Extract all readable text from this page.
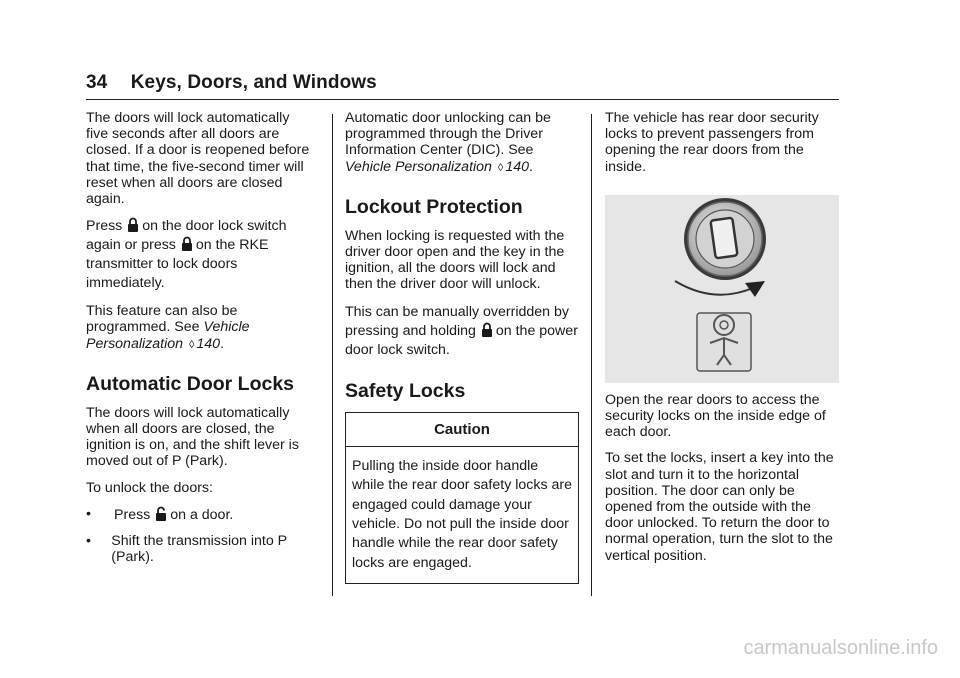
34 Keys, Doors, and Windows

The doors will lock automatically five seconds after all doors are closed. If a door is reopened before that time, the five-second timer will reset when all doors are closed again.

Press on the door lock switch again or press on the RKE transmitter to lock doors immediately.

This feature can also be programmed. See Vehicle Personalization ◊ 140.

Automatic Door Locks

The doors will lock automatically when all doors are closed, the ignition is on, and the shift lever is moved out of P (Park).

To unlock the doors:

•	Press on a door.
•	Shift the transmission into P (Park).

Automatic door unlocking can be programmed through the Driver Information Center (DIC). See Vehicle Personalization ◊ 140.

Lockout Protection

When locking is requested with the driver door open and the key in the ignition, all the doors will lock and then the driver door will unlock.

This can be manually overridden by pressing and holding on the power door lock switch.

Safety Locks
Caution
Pulling the inside door handle while the rear door safety locks are engaged could damage your vehicle. Do not pull the inside door handle while the rear door safety locks are engaged.

The vehicle has rear door security locks to prevent passengers from opening the rear doors from the inside.

Open the rear doors to access the security locks on the inside edge of each door.

To set the locks, insert a key into the slot and turn it to the horizontal position. The door can only be opened from the outside with the door unlocked. To return the door to normal operation, turn the slot to the vertical position.

carmanualsonline.info
